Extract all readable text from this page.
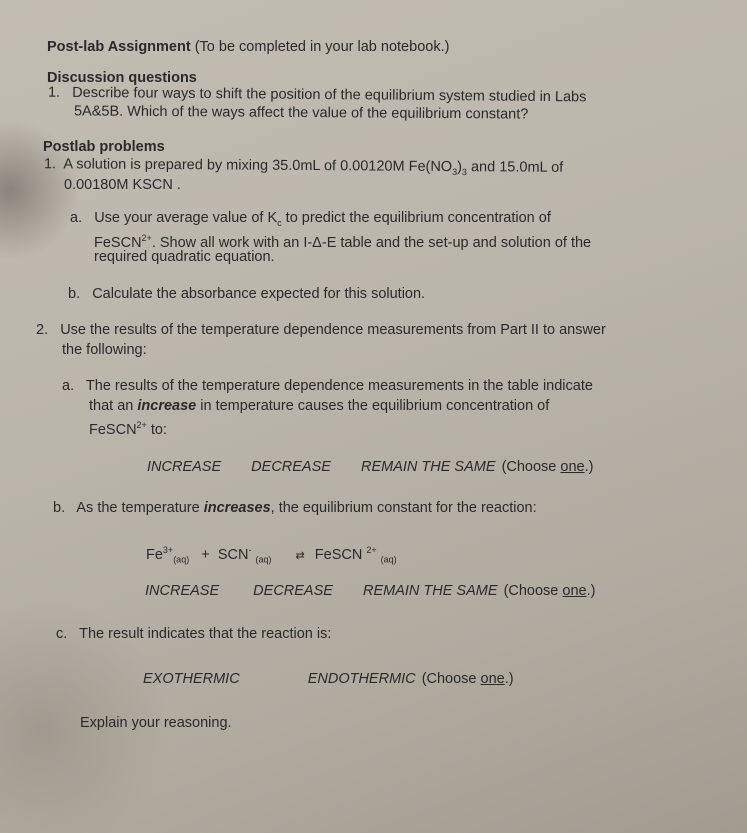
Post-lab Assignment (To be completed in your lab notebook.)
Discussion questions
1. Describe four ways to shift the position of the equilibrium system studied in Labs
5A&5B. Which of the ways affect the value of the equilibrium constant?
Postlab problems
1. A solution is prepared by mixing 35.0mL of 0.00120M $Fe(NO_3)_3$ and 15.0mL of
0.00180M KSCN .
a. Use your average value of $K_c$ to predict the equilibrium concentration of
FeSCN$^{2+}$. Show all work with an I-Δ-E table and the set-up and solution of the
required quadratic equation.
b. Calculate the absorbance expected for this solution.
2. Use the results of the temperature dependence measurements from Part II to answer
the following:
a. The results of the temperature dependence measurements in the table indicate
that an increase in temperature causes the equilibrium concentration of
FeSCN$^{2+}$ to:
INCREASE DECREASE REMAIN THE SAME (Choose one.)
b. As the temperature increases, the equilibrium constant for the reaction:
$Fe^{3+}_{(aq)} + SCN^-$ $_{(aq)}$ ⇄ FeSCN $^{2+}$ $_{(aq)}$
INCREASE DECREASE REMAIN THE SAME (Choose one.)
c. The result indicates that the reaction is:
EXOTHERMIC	ENDOTHERMIC (Choose one.)
Explain your reasoning.
